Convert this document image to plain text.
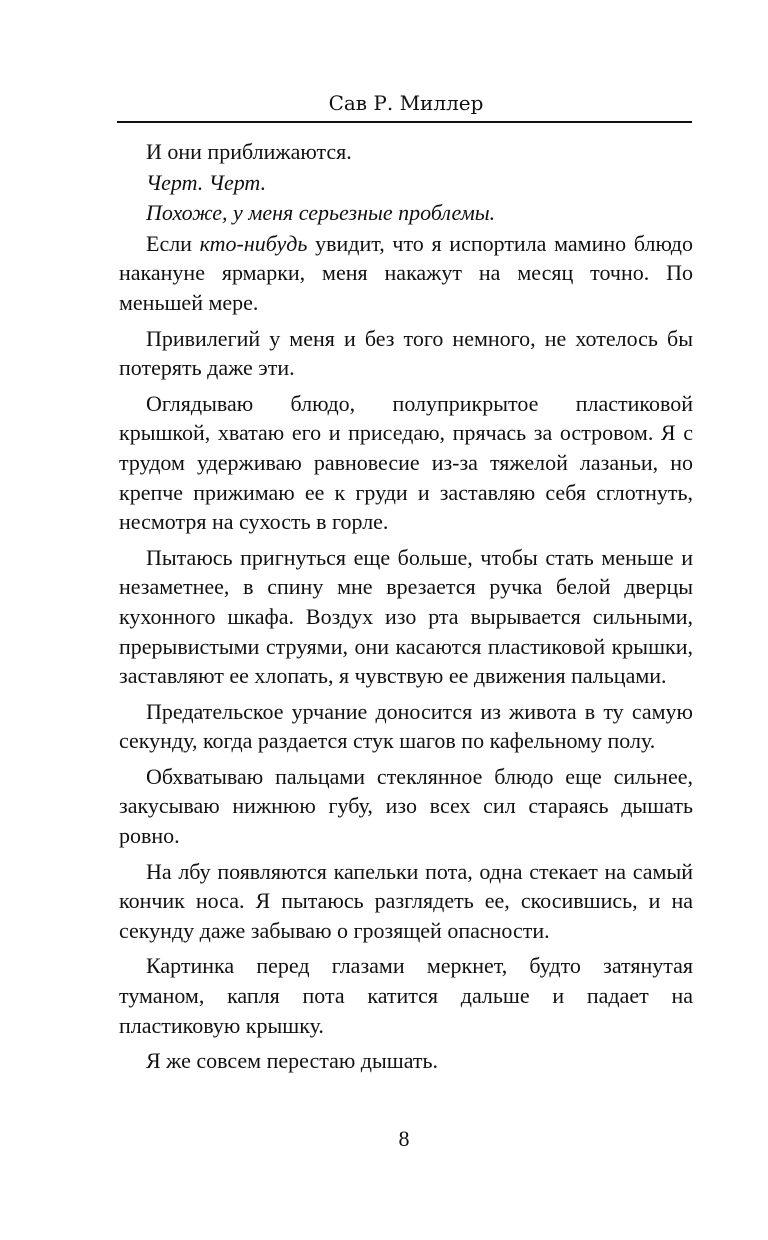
Сав Р. Миллер

И они приближаются.

Черт. Черт.

Похоже, у меня серьезные проблемы.

Если кто-нибудь увидит, что я испортила мамино блюдо накануне ярмарки, меня накажут на месяц точно. По меньшей мере.

Привилегий у меня и без того немного, не хотелось бы потерять даже эти.

Оглядываю блюдо, полуприкрытое пластиковой крышкой, хватаю его и приседаю, прячась за островом. Я с трудом удерживаю равновесие из-за тяжелой лазаньи, но крепче прижимаю ее к груди и заставляю себя сглотнуть, несмотря на сухость в горле.

Пытаюсь пригнуться еще больше, чтобы стать меньше и незаметнее, в спину мне врезается ручка белой дверцы кухонного шкафа. Воздух изо рта вырывается сильными, прерывистыми струями, они касаются пластиковой крышки, заставляют ее хлопать, я чувствую ее движения пальцами.

Предательское урчание доносится из живота в ту самую секунду, когда раздается стук шагов по кафельному полу.

Обхватываю пальцами стеклянное блюдо еще сильнее, закусываю нижнюю губу, изо всех сил стараясь дышать ровно.

На лбу появляются капельки пота, одна стекает на самый кончик носа. Я пытаюсь разглядеть ее, скосившись, и на секунду даже забываю о грозящей опасности.

Картинка перед глазами меркнет, будто затянутая туманом, капля пота катится дальше и падает на пластиковую крышку.

Я же совсем перестаю дышать.

8
